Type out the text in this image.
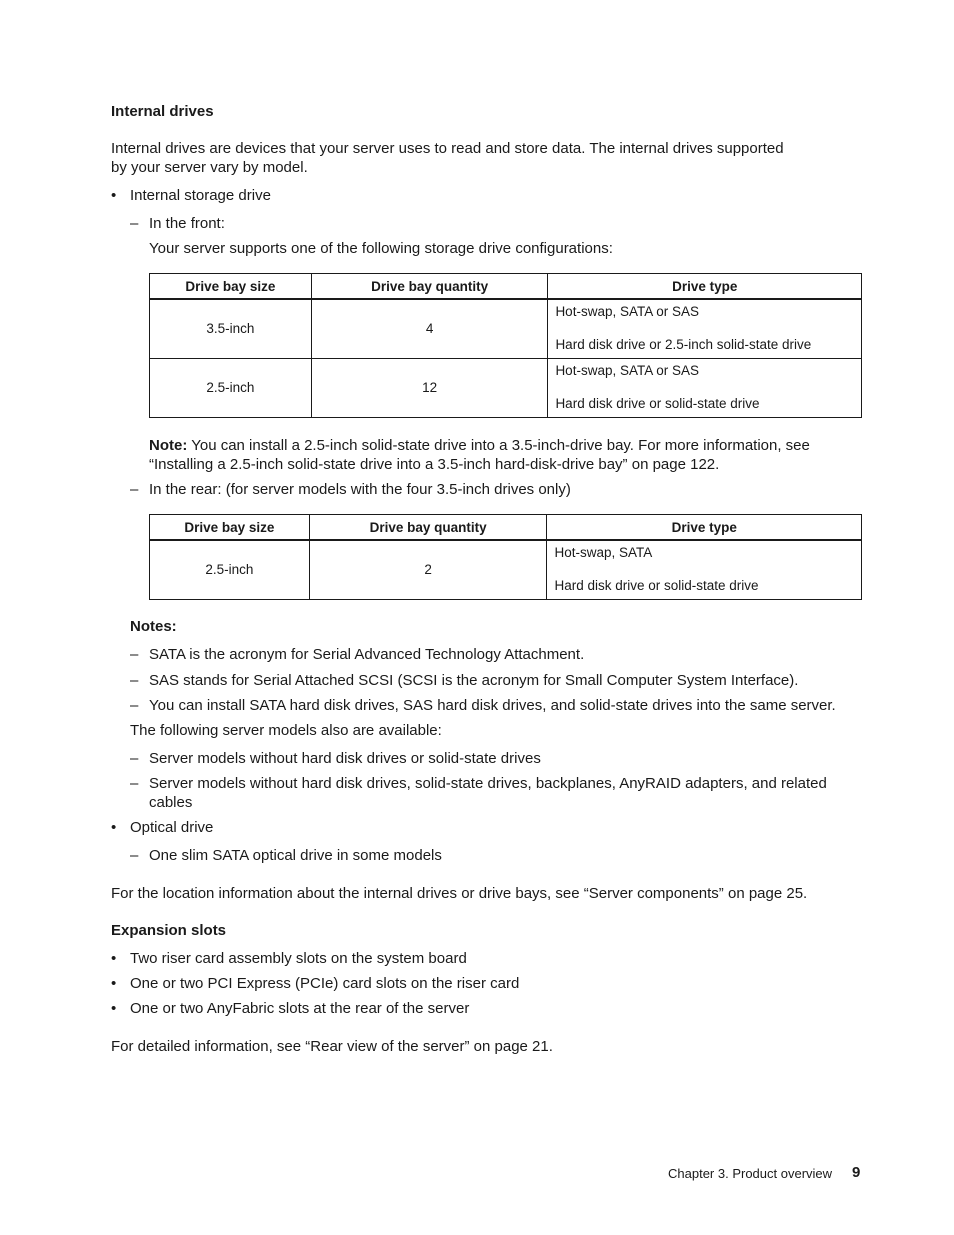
Internal drives
Internal drives are devices that your server uses to read and store data. The internal drives supported
by your server vary by model.
• Internal storage drive
– In the front:
Your server supports one of the following storage drive configurations:
Drive bay size	Drive bay quantity	Drive type
3.5-inch	4	Hot-swap, SATA or SAS
Hard disk drive or 2.5-inch solid-state drive

2.5-inch	12	Hot-swap, SATA or SAS
Hard disk drive or solid-state drive
Note: You can install a 2.5-inch solid-state drive into a 3.5-inch-drive bay. For more information, see
“Installing a 2.5-inch solid-state drive into a 3.5-inch hard-disk-drive bay” on page 122.
– In the rear: (for server models with the four 3.5-inch drives only)
Drive bay size	Drive bay quantity	Drive type
2.5-inch	2	Hot-swap, SATA
Hard disk drive or solid-state drive
Notes:
– SATA is the acronym for Serial Advanced Technology Attachment.
– SAS stands for Serial Attached SCSI (SCSI is the acronym for Small Computer System Interface).
– You can install SATA hard disk drives, SAS hard disk drives, and solid-state drives into the same server.
The following server models also are available:
– Server models without hard disk drives or solid-state drives
– Server models without hard disk drives, solid-state drives, backplanes, AnyRAID adapters, and related
cables
• Optical drive
– One slim SATA optical drive in some models
For the location information about the internal drives or drive bays, see “Server components” on page 25.
Expansion slots
• Two riser card assembly slots on the system board
• One or two PCI Express (PCIe) card slots on the riser card
• One or two AnyFabric slots at the rear of the server
For detailed information, see “Rear view of the server” on page 21.
Chapter 3. Product overview 9
